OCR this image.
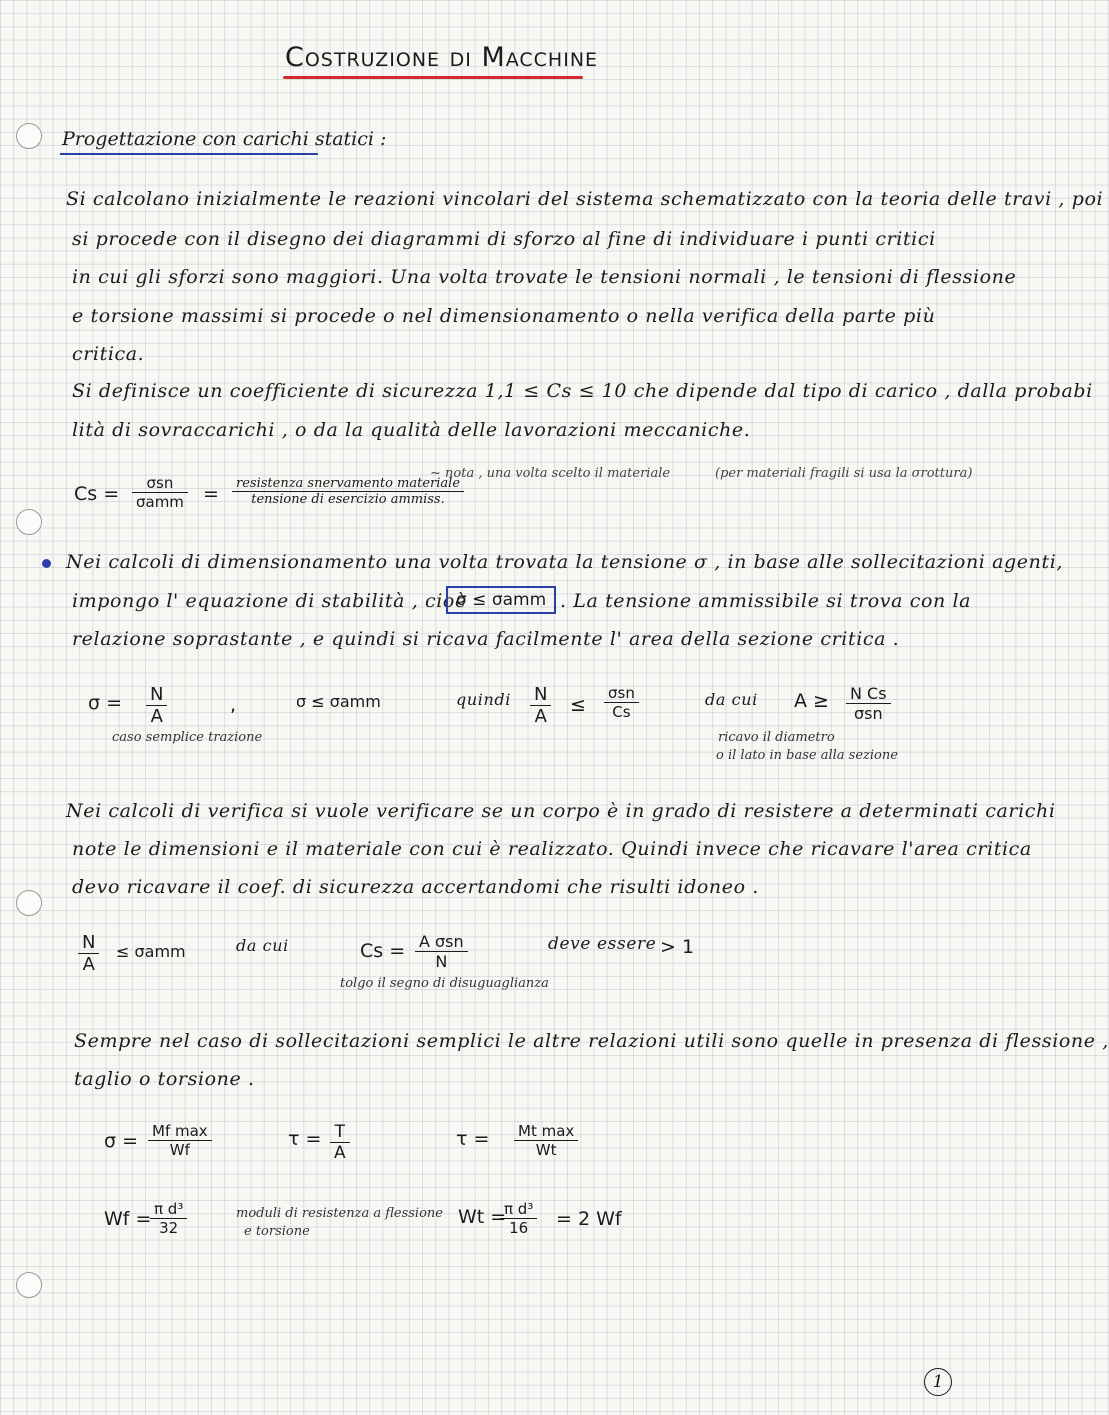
Costruzione di Macchine
Progettazione con carichi statici :
Si calcolano inizialmente le reazioni vincolari del sistema schematizzato con la teoria delle travi , poi
si procede con il disegno dei diagrammi di sforzo al fine di individuare i punti critici
in cui gli sforzi sono maggiori. Una volta trovate le tensioni normali , le tensioni di flessione
e torsione massimi si procede o nel dimensionamento o nella verifica della parte più
critica.
Si definisce un coefficiente di sicurezza 1,1 ≤ Cs ≤ 10 che dipende dal tipo di carico , dalla probabi
lità di sovraccarichi , o da la qualità delle lavorazioni meccaniche.
Cs =	σsn
σamm =	resistenza snervamento materiale
tensione di esercizio ammiss.
~ nota , una volta scelto il materiale	(per materiali fragili si usa la σrottura)
Nei calcoli di dimensionamento una volta trovata la tensione σ , in base alle sollecitazioni agenti,
impongo l' equazione di stabilità , cioè
σ ≤ σamm . La tensione ammissibile si trova con la
relazione soprastante , e quindi si ricava facilmente l' area della sezione critica .
$\sigma = \frac{N}{A}$	,	σ ≤ σamm	quindi $\frac{N}{A}$ ≤
σsn
Cs
da cui A ≥ N Cs
σsn
caso semplice trazione	ricavo il diametro
o il lato in base alla sezione
Nei calcoli di verifica si vuole verificare se un corpo è in grado di resistere a determinati carichi
note le dimensioni e il materiale con cui è realizzato. Quindi invece che ricavare l'area critica
devo ricavare il coef. di sicurezza accertandomi che risulti idoneo .
$\frac{N}{A} \le \sigma amm$	da cui	Cs = A σsn
N
deve essere > 1
tolgo il segno di disuguaglianza
Sempre nel caso di sollecitazioni semplici le altre relazioni utili sono quelle in presenza di flessione ,
taglio o torsione .
σ = Mf max
Wf	$\tau = \frac{T}{A}$	τ = Mt max
Wt
Wf =
$\frac{\text{π d³}}{32}$	moduli di resistenza a flessione
e torsione
Wt =
$\frac{\text{π d³}}{16} = 2$ Wf
1
